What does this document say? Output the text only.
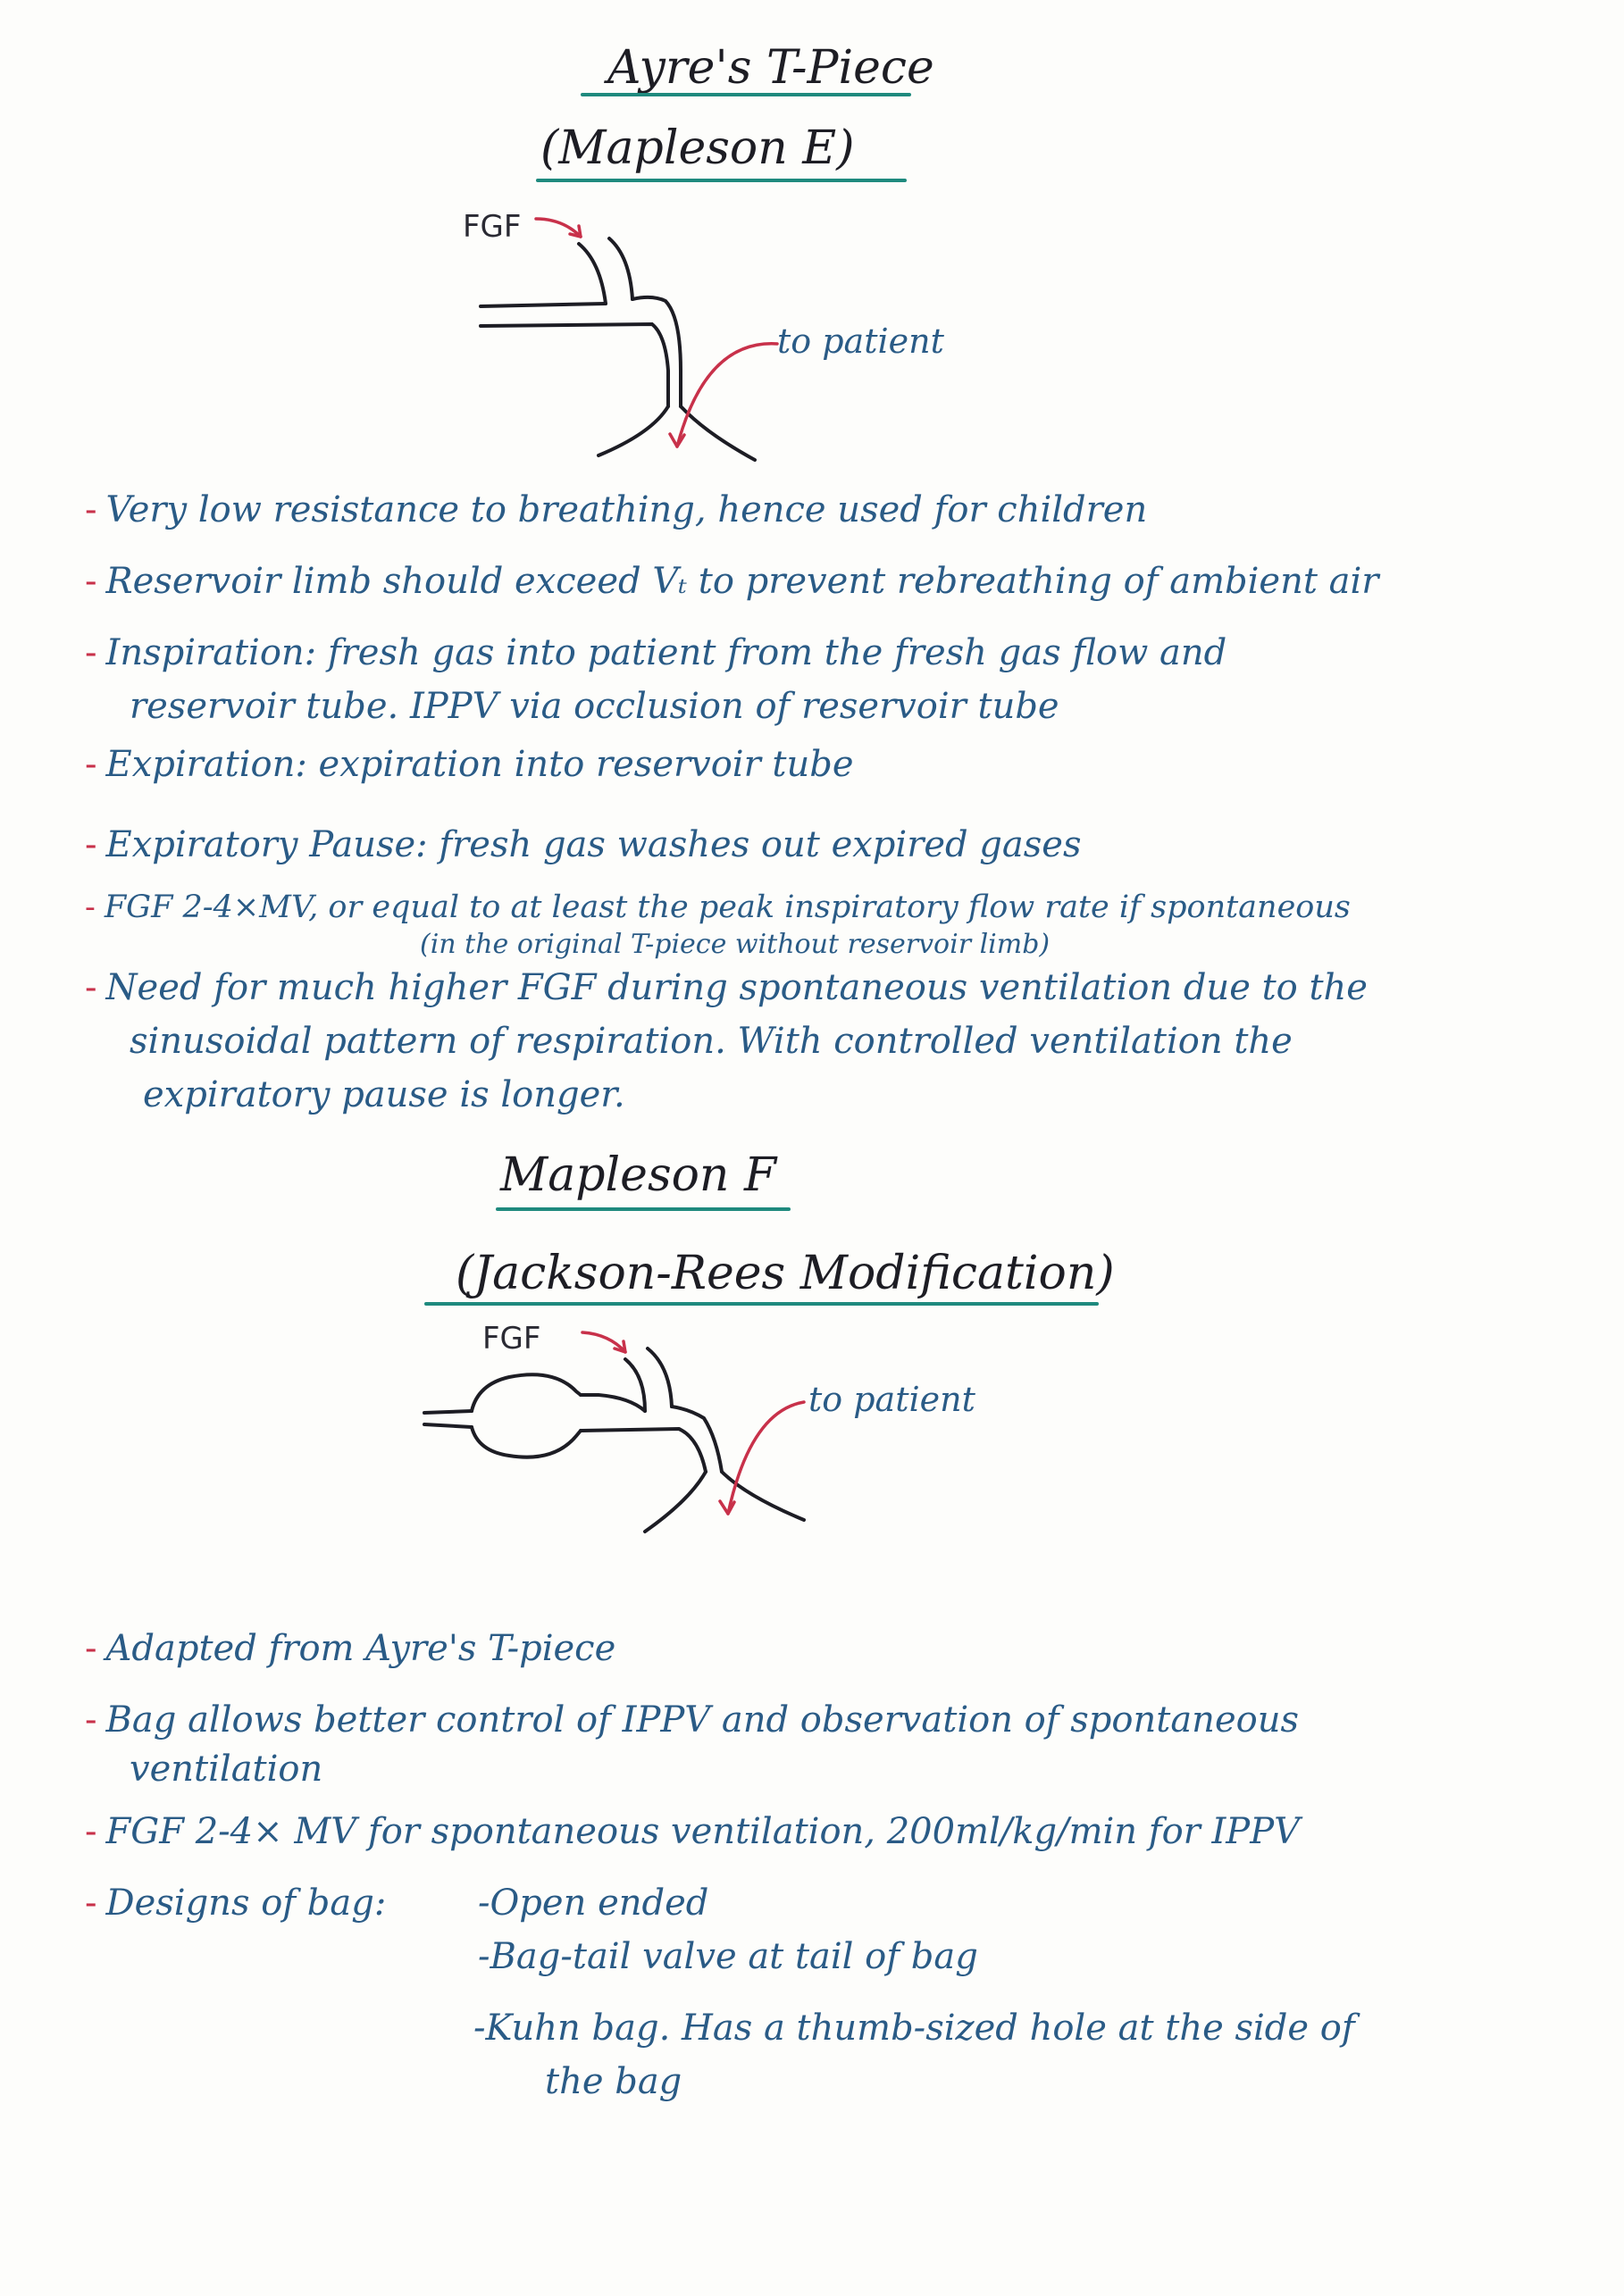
Ayre's T-Piece
(Mapleson E)
FGF
to patient
- Very low resistance to breathing, hence used for children
- Reservoir limb should exceed Vₜ to prevent rebreathing of ambient air
- Inspiration: fresh gas into patient from the fresh gas flow and
reservoir tube. IPPV via occlusion of reservoir tube
- Expiration: expiration into reservoir tube
- Expiratory Pause: fresh gas washes out expired gases
- FGF 2-4×MV, or equal to at least the peak inspiratory flow rate if spontaneous
(in the original T-piece without reservoir limb)
- Need for much higher FGF during spontaneous ventilation due to the
sinusoidal pattern of respiration. With controlled ventilation the
expiratory pause is longer.
Mapleson F
(Jackson-Rees Modification)
FGF
to patient
- Adapted from Ayre's T-piece
- Bag allows better control of IPPV and observation of spontaneous
ventilation
- FGF 2-4× MV for spontaneous ventilation, 200ml/kg/min for IPPV
- Designs of bag:	-Open ended
-Bag-tail valve at tail of bag
-Kuhn bag. Has a thumb-sized hole at the side of
the bag
